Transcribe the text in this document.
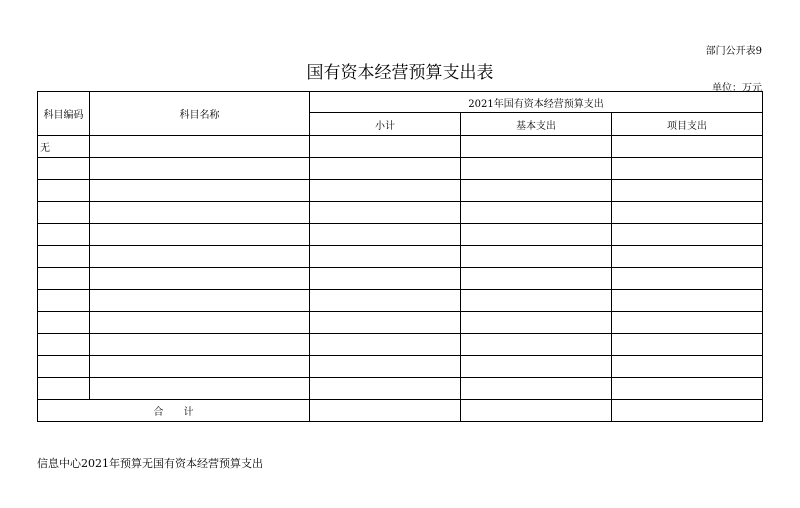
部门公开表9
国有资本经营预算支出表
单位：万元
科目编码	科目名称	2021年国有资本经营预算支出		
		小计	基本支出	项目支出
无				

合　　计				
信息中心2021年预算无国有资本经营预算支出
